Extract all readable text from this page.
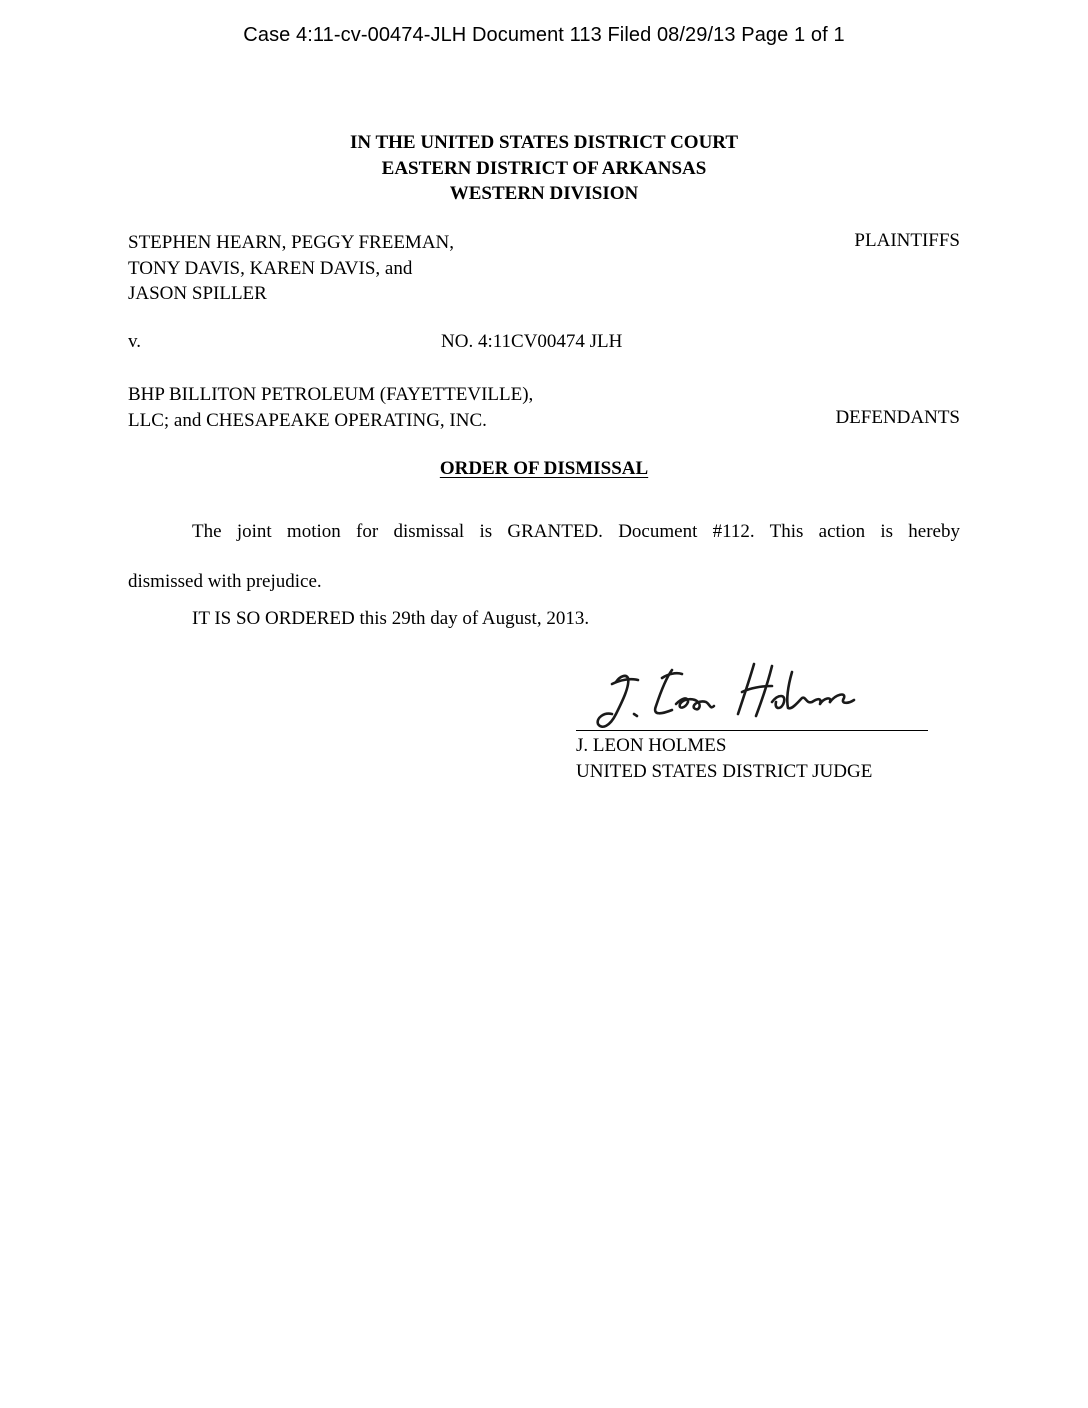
Case 4:11-cv-00474-JLH Document 113 Filed 08/29/13 Page 1 of 1
IN THE UNITED STATES DISTRICT COURT
EASTERN DISTRICT OF ARKANSAS
WESTERN DIVISION
STEPHEN HEARN, PEGGY FREEMAN,
TONY DAVIS, KAREN DAVIS, and
JASON SPILLER
PLAINTIFFS
v.	NO. 4:11CV00474 JLH
BHP BILLITON PETROLEUM (FAYETTEVILLE),
LLC; and CHESAPEAKE OPERATING, INC.	DEFENDANTS
ORDER OF DISMISSAL
The joint motion for dismissal is GRANTED. Document #112. This action is hereby
dismissed with prejudice.
IT IS SO ORDERED this 29th day of August, 2013.
J. LEON HOLMES
UNITED STATES DISTRICT JUDGE
